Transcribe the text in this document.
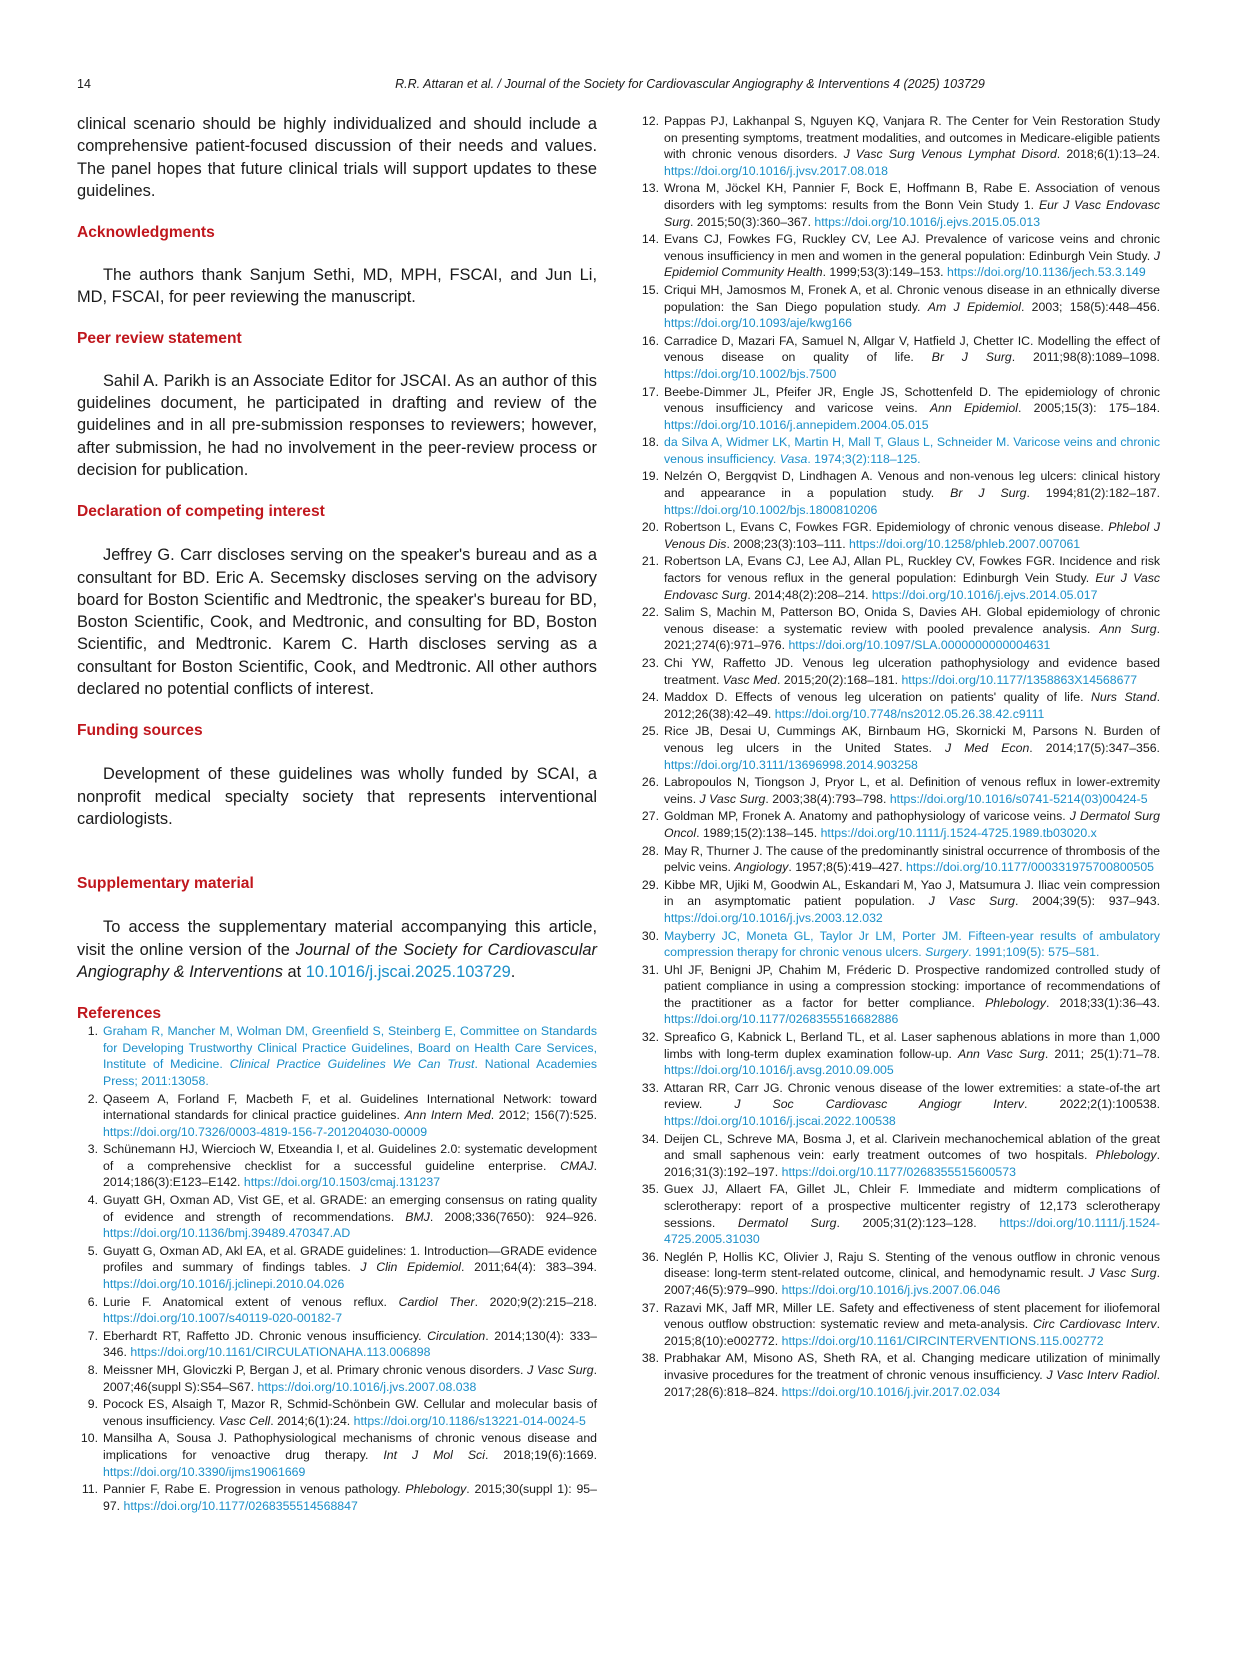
14	R.R. Attaran et al. / Journal of the Society for Cardiovascular Angiography & Interventions 4 (2025) 103729

clinical scenario should be highly individualized and should include a comprehensive patient-focused discussion of their needs and values. The panel hopes that future clinical trials will support updates to these guidelines.

Acknowledgments

The authors thank Sanjum Sethi, MD, MPH, FSCAI, and Jun Li, MD, FSCAI, for peer reviewing the manuscript.

Peer review statement

Sahil A. Parikh is an Associate Editor for JSCAI. As an author of this guidelines document, he participated in drafting and review of the guidelines and in all pre-submission responses to reviewers; however, after submission, he had no involvement in the peer-review process or decision for publication.

Declaration of competing interest

Jeffrey G. Carr discloses serving on the speaker's bureau and as a consultant for BD. Eric A. Secemsky discloses serving on the advisory board for Boston Scientific and Medtronic, the speaker's bureau for BD, Boston Scientific, Cook, and Medtronic, and consulting for BD, Boston Scientific, and Medtronic. Karem C. Harth discloses serving as a consultant for Boston Scientific, Cook, and Medtronic. All other authors declared no potential conflicts of interest.

Funding sources

Development of these guidelines was wholly funded by SCAI, a nonprofit medical specialty society that represents interventional cardiologists.

Supplementary material

To access the supplementary material accompanying this article, visit the online version of the Journal of the Society for Cardiovascular Angiography & Interventions at 10.1016/j.jscai.2025.103729.

References
1. Graham R, Mancher M, Wolman DM, Greenfield S, Steinberg E, Committee on Standards for Developing Trustworthy Clinical Practice Guidelines, Board on Health Care Services, Institute of Medicine. Clinical Practice Guidelines We Can Trust. National Academies Press; 2011:13058.
2. Qaseem A, Forland F, Macbeth F, et al. Guidelines International Network: toward international standards for clinical practice guidelines. Ann Intern Med. 2012; 156(7):525. https://doi.org/10.7326/0003-4819-156-7-201204030-00009
3. Schünemann HJ, Wiercioch W, Etxeandia I, et al. Guidelines 2.0: systematic development of a comprehensive checklist for a successful guideline enterprise. CMAJ. 2014;186(3):E123–E142. https://doi.org/10.1503/cmaj.131237
4. Guyatt GH, Oxman AD, Vist GE, et al. GRADE: an emerging consensus on rating quality of evidence and strength of recommendations. BMJ. 2008;336(7650): 924–926. https://doi.org/10.1136/bmj.39489.470347.AD
5. Guyatt G, Oxman AD, Akl EA, et al. GRADE guidelines: 1. Introduction—GRADE evidence profiles and summary of findings tables. J Clin Epidemiol. 2011;64(4): 383–394. https://doi.org/10.1016/j.jclinepi.2010.04.026
6. Lurie F. Anatomical extent of venous reflux. Cardiol Ther. 2020;9(2):215–218. https://doi.org/10.1007/s40119-020-00182-7
7. Eberhardt RT, Raffetto JD. Chronic venous insufficiency. Circulation. 2014;130(4): 333–346. https://doi.org/10.1161/CIRCULATIONAHA.113.006898
8. Meissner MH, Gloviczki P, Bergan J, et al. Primary chronic venous disorders. J Vasc Surg. 2007;46(suppl S):S54–S67. https://doi.org/10.1016/j.jvs.2007.08.038
9. Pocock ES, Alsaigh T, Mazor R, Schmid-Schönbein GW. Cellular and molecular basis of venous insufficiency. Vasc Cell. 2014;6(1):24. https://doi.org/10.1186/s13221-014-0024-5
10. Mansilha A, Sousa J. Pathophysiological mechanisms of chronic venous disease and implications for venoactive drug therapy. Int J Mol Sci. 2018;19(6):1669. https://doi.org/10.3390/ijms19061669
11. Pannier F, Rabe E. Progression in venous pathology. Phlebology. 2015;30(suppl 1): 95–97. https://doi.org/10.1177/0268355514568847
12. Pappas PJ, Lakhanpal S, Nguyen KQ, Vanjara R. The Center for Vein Restoration Study on presenting symptoms, treatment modalities, and outcomes in Medicare-eligible patients with chronic venous disorders. J Vasc Surg Venous Lymphat Disord. 2018;6(1):13–24. https://doi.org/10.1016/j.jvsv.2017.08.018
13. Wrona M, Jöckel KH, Pannier F, Bock E, Hoffmann B, Rabe E. Association of venous disorders with leg symptoms: results from the Bonn Vein Study 1. Eur J Vasc Endovasc Surg. 2015;50(3):360–367. https://doi.org/10.1016/j.ejvs.2015.05.013
14. Evans CJ, Fowkes FG, Ruckley CV, Lee AJ. Prevalence of varicose veins and chronic venous insufficiency in men and women in the general population: Edinburgh Vein Study. J Epidemiol Community Health. 1999;53(3):149–153. https://doi.org/10.1136/jech.53.3.149
15. Criqui MH, Jamosmos M, Fronek A, et al. Chronic venous disease in an ethnically diverse population: the San Diego population study. Am J Epidemiol. 2003; 158(5):448–456. https://doi.org/10.1093/aje/kwg166
16. Carradice D, Mazari FA, Samuel N, Allgar V, Hatfield J, Chetter IC. Modelling the effect of venous disease on quality of life. Br J Surg. 2011;98(8):1089–1098. https://doi.org/10.1002/bjs.7500
17. Beebe-Dimmer JL, Pfeifer JR, Engle JS, Schottenfeld D. The epidemiology of chronic venous insufficiency and varicose veins. Ann Epidemiol. 2005;15(3): 175–184. https://doi.org/10.1016/j.annepidem.2004.05.015
18. da Silva A, Widmer LK, Martin H, Mall T, Glaus L, Schneider M. Varicose veins and chronic venous insufficiency. Vasa. 1974;3(2):118–125.
19. Nelzén O, Bergqvist D, Lindhagen A. Venous and non-venous leg ulcers: clinical history and appearance in a population study. Br J Surg. 1994;81(2):182–187. https://doi.org/10.1002/bjs.1800810206
20. Robertson L, Evans C, Fowkes FGR. Epidemiology of chronic venous disease. Phlebol J Venous Dis. 2008;23(3):103–111. https://doi.org/10.1258/phleb.2007.007061
21. Robertson LA, Evans CJ, Lee AJ, Allan PL, Ruckley CV, Fowkes FGR. Incidence and risk factors for venous reflux in the general population: Edinburgh Vein Study. Eur J Vasc Endovasc Surg. 2014;48(2):208–214. https://doi.org/10.1016/j.ejvs.2014.05.017
22. Salim S, Machin M, Patterson BO, Onida S, Davies AH. Global epidemiology of chronic venous disease: a systematic review with pooled prevalence analysis. Ann Surg. 2021;274(6):971–976. https://doi.org/10.1097/SLA.0000000000004631
23. Chi YW, Raffetto JD. Venous leg ulceration pathophysiology and evidence based treatment. Vasc Med. 2015;20(2):168–181. https://doi.org/10.1177/1358863X14568677
24. Maddox D. Effects of venous leg ulceration on patients' quality of life. Nurs Stand. 2012;26(38):42–49. https://doi.org/10.7748/ns2012.05.26.38.42.c9111
25. Rice JB, Desai U, Cummings AK, Birnbaum HG, Skornicki M, Parsons N. Burden of venous leg ulcers in the United States. J Med Econ. 2014;17(5):347–356. https://doi.org/10.3111/13696998.2014.903258
26. Labropoulos N, Tiongson J, Pryor L, et al. Definition of venous reflux in lower-extremity veins. J Vasc Surg. 2003;38(4):793–798. https://doi.org/10.1016/s0741-5214(03)00424-5
27. Goldman MP, Fronek A. Anatomy and pathophysiology of varicose veins. J Dermatol Surg Oncol. 1989;15(2):138–145. https://doi.org/10.1111/j.1524-4725.1989.tb03020.x
28. May R, Thurner J. The cause of the predominantly sinistral occurrence of thrombosis of the pelvic veins. Angiology. 1957;8(5):419–427. https://doi.org/10.1177/000331975700800505
29. Kibbe MR, Ujiki M, Goodwin AL, Eskandari M, Yao J, Matsumura J. Iliac vein compression in an asymptomatic patient population. J Vasc Surg. 2004;39(5): 937–943. https://doi.org/10.1016/j.jvs.2003.12.032
30. Mayberry JC, Moneta GL, Taylor Jr LM, Porter JM. Fifteen-year results of ambulatory compression therapy for chronic venous ulcers. Surgery. 1991;109(5): 575–581.
31. Uhl JF, Benigni JP, Chahim M, Fréderic D. Prospective randomized controlled study of patient compliance in using a compression stocking: importance of recommendations of the practitioner as a factor for better compliance. Phlebology. 2018;33(1):36–43. https://doi.org/10.1177/0268355516682886
32. Spreafico G, Kabnick L, Berland TL, et al. Laser saphenous ablations in more than 1,000 limbs with long-term duplex examination follow-up. Ann Vasc Surg. 2011; 25(1):71–78. https://doi.org/10.1016/j.avsg.2010.09.005
33. Attaran RR, Carr JG. Chronic venous disease of the lower extremities: a state-of-the art review. J Soc Cardiovasc Angiogr Interv. 2022;2(1):100538. https://doi.org/10.1016/j.jscai.2022.100538
34. Deijen CL, Schreve MA, Bosma J, et al. Clarivein mechanochemical ablation of the great and small saphenous vein: early treatment outcomes of two hospitals. Phlebology. 2016;31(3):192–197. https://doi.org/10.1177/0268355515600573
35. Guex JJ, Allaert FA, Gillet JL, Chleir F. Immediate and midterm complications of sclerotherapy: report of a prospective multicenter registry of 12,173 sclerotherapy sessions. Dermatol Surg. 2005;31(2):123–128. https://doi.org/10.1111/j.1524-4725.2005.31030
36. Neglén P, Hollis KC, Olivier J, Raju S. Stenting of the venous outflow in chronic venous disease: long-term stent-related outcome, clinical, and hemodynamic result. J Vasc Surg. 2007;46(5):979–990. https://doi.org/10.1016/j.jvs.2007.06.046
37. Razavi MK, Jaff MR, Miller LE. Safety and effectiveness of stent placement for iliofemoral venous outflow obstruction: systematic review and meta-analysis. Circ Cardiovasc Interv. 2015;8(10):e002772. https://doi.org/10.1161/CIRCINTERVENTIONS.115.002772
38. Prabhakar AM, Misono AS, Sheth RA, et al. Changing medicare utilization of minimally invasive procedures for the treatment of chronic venous insufficiency. J Vasc Interv Radiol. 2017;28(6):818–824. https://doi.org/10.1016/j.jvir.2017.02.034
